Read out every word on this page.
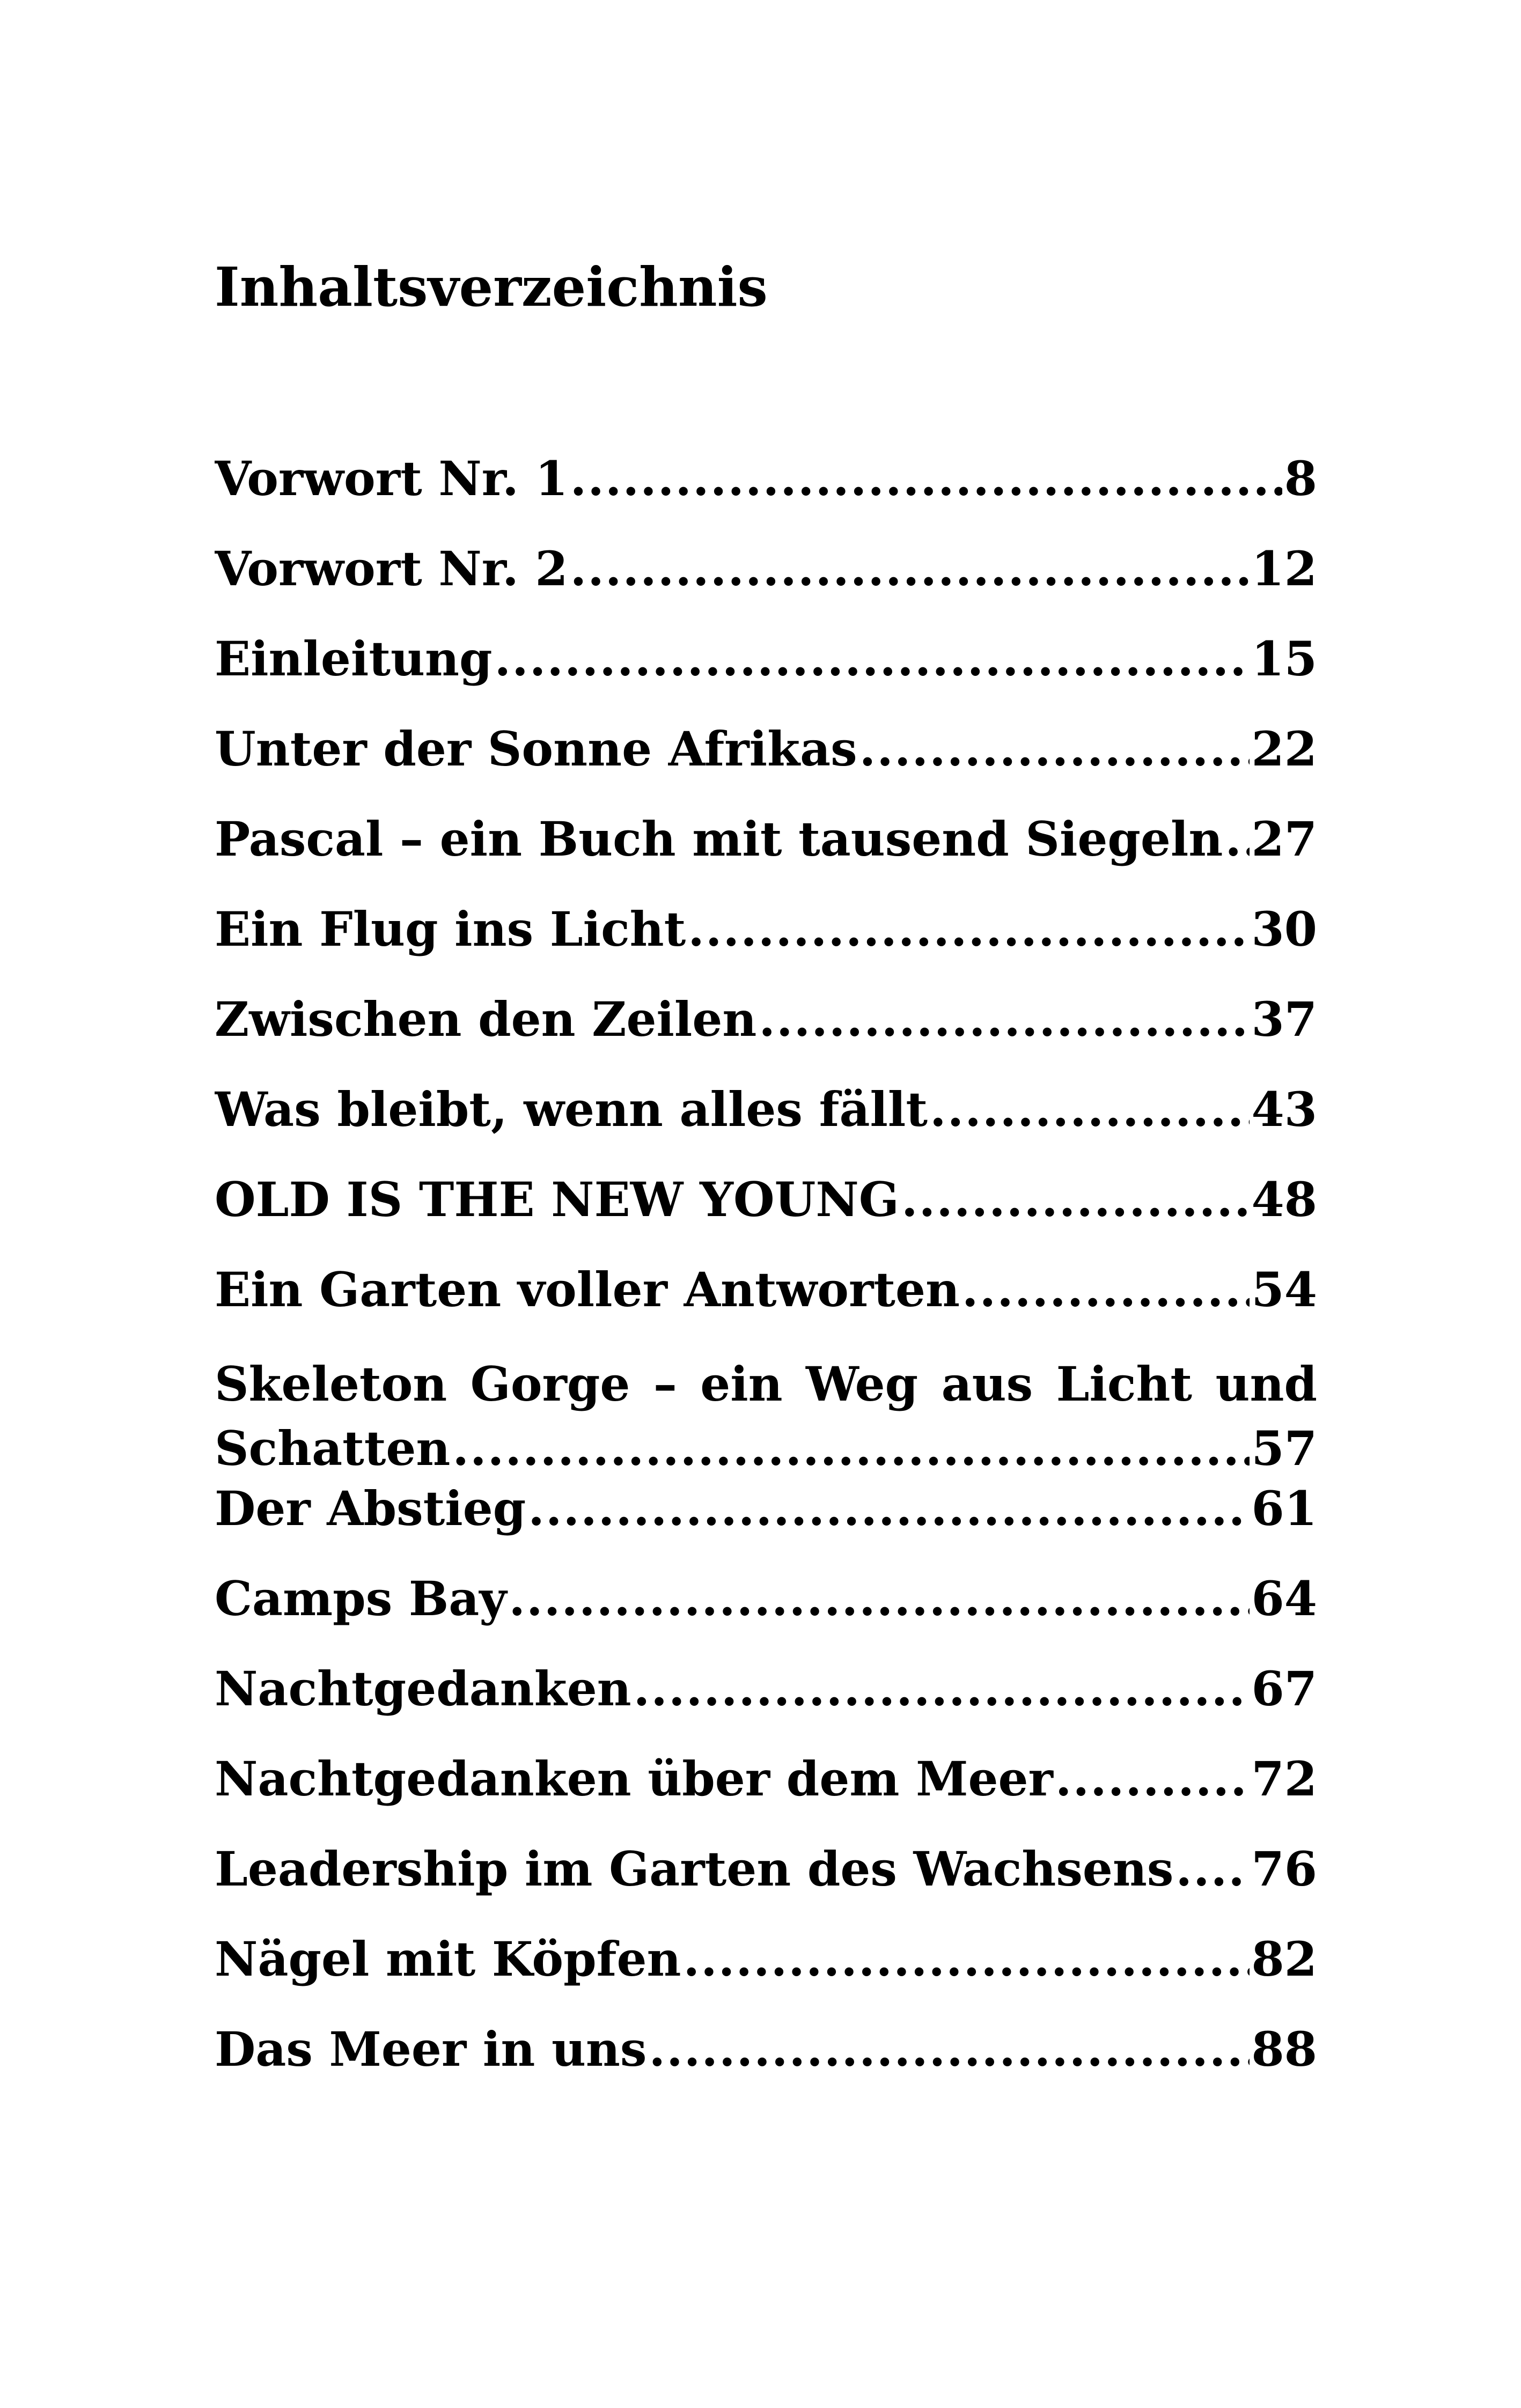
Inhaltsverzeichnis
Vorwort Nr. 1 .....	8
Vorwort Nr. 2 .....	12
Einleitung .....	15
Unter der Sonne Afrikas .....	22
Pascal – ein Buch mit tausend Siegeln ..... 27
Ein Flug ins Licht .....	30
Zwischen den Zeilen .....	37
Was bleibt, wenn alles fällt .....	43
OLD IS THE NEW YOUNG .....	48
Ein Garten voller Antworten .....	54
Skeleton Gorge – ein Weg aus Licht und
Schatten .....	57
Der Abstieg .....	61
Camps Bay .....	64
Nachtgedanken .....	67
Nachtgedanken über dem Meer .....	72
Leadership im Garten des Wachsens ..... 76
Nägel mit Köpfen .....	82
Das Meer in uns .....	88
